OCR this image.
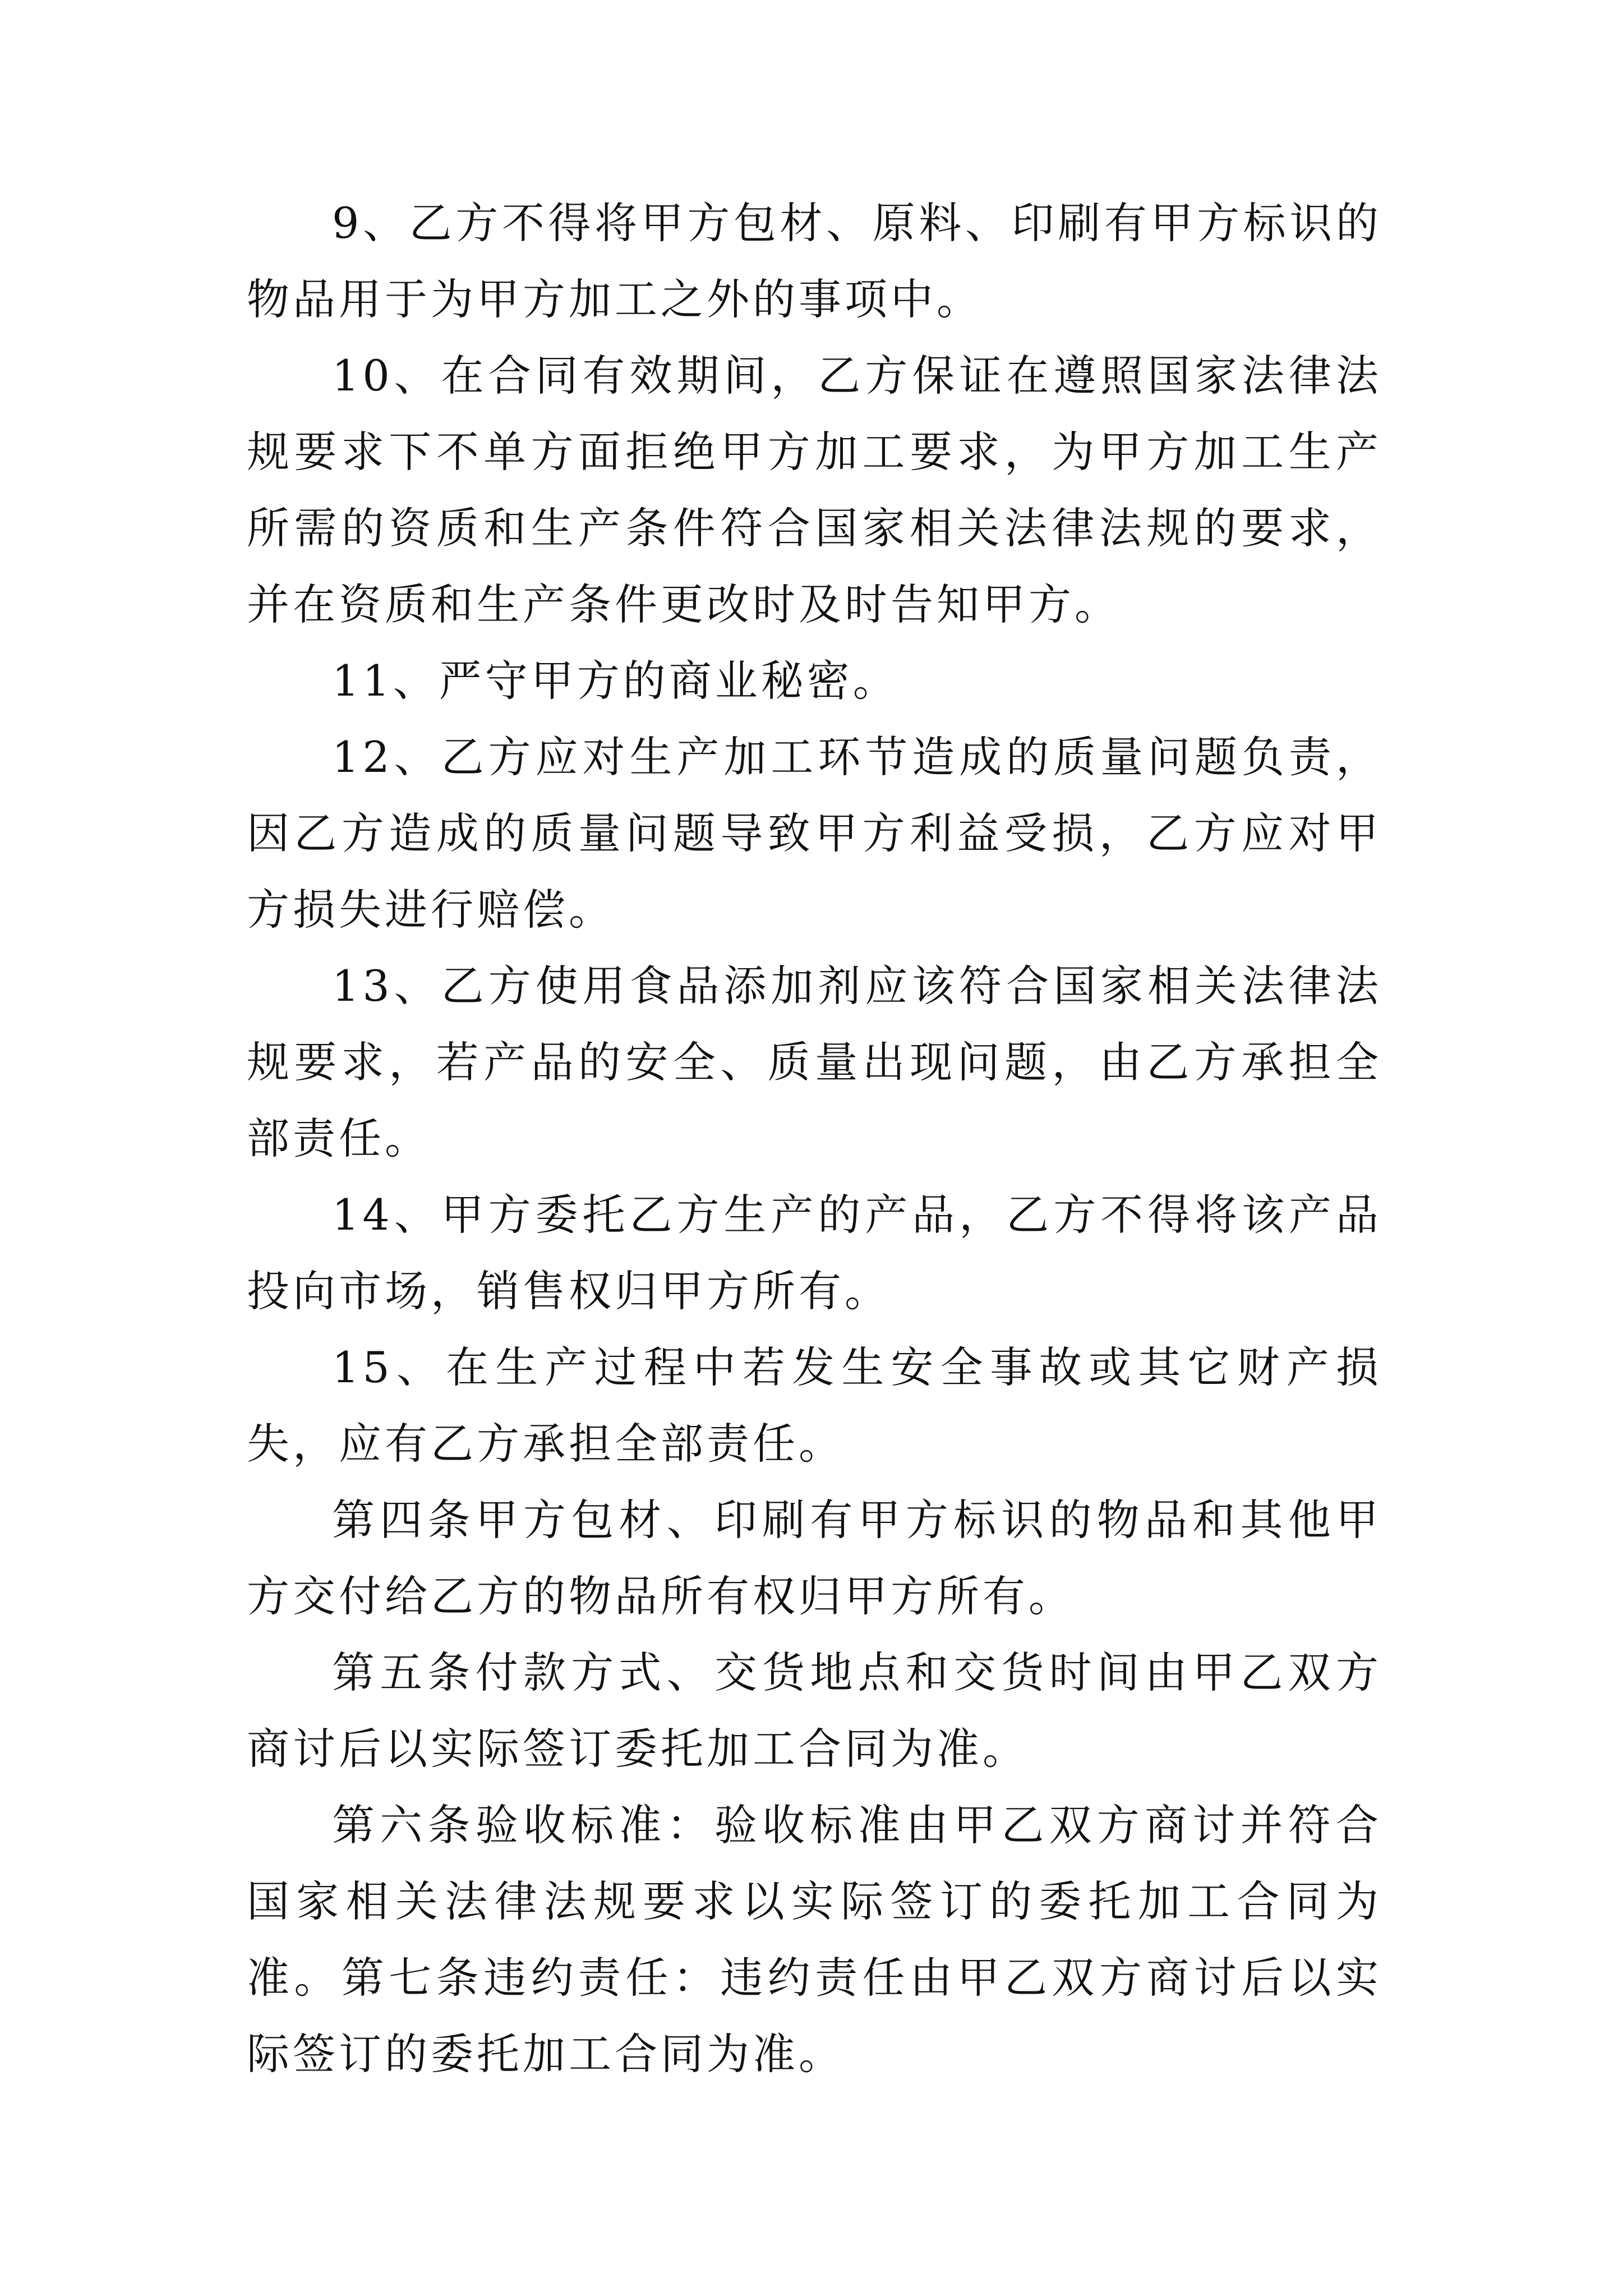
9、乙方不得将甲方包材、原料、印刷有甲方标识的物品用于为甲方加工之外的事项中。

10、在合同有效期间，乙方保证在遵照国家法律法规要求下不单方面拒绝甲方加工要求，为甲方加工生产所需的资质和生产条件符合国家相关法律法规的要求，并在资质和生产条件更改时及时告知甲方。

11、严守甲方的商业秘密。

12、乙方应对生产加工环节造成的质量问题负责，因乙方造成的质量问题导致甲方利益受损，乙方应对甲方损失进行赔偿。

13、乙方使用食品添加剂应该符合国家相关法律法规要求，若产品的安全、质量出现问题，由乙方承担全部责任。

14、甲方委托乙方生产的产品，乙方不得将该产品投向市场，销售权归甲方所有。

15、在生产过程中若发生安全事故或其它财产损失，应有乙方承担全部责任。

第四条甲方包材、印刷有甲方标识的物品和其他甲方交付给乙方的物品所有权归甲方所有。

第五条付款方式、交货地点和交货时间由甲乙双方商讨后以实际签订委托加工合同为准。

第六条验收标准：验收标准由甲乙双方商讨并符合国家相关法律法规要求以实际签订的委托加工合同为准。第七条违约责任：违约责任由甲乙双方商讨后以实际签订的委托加工合同为准。
